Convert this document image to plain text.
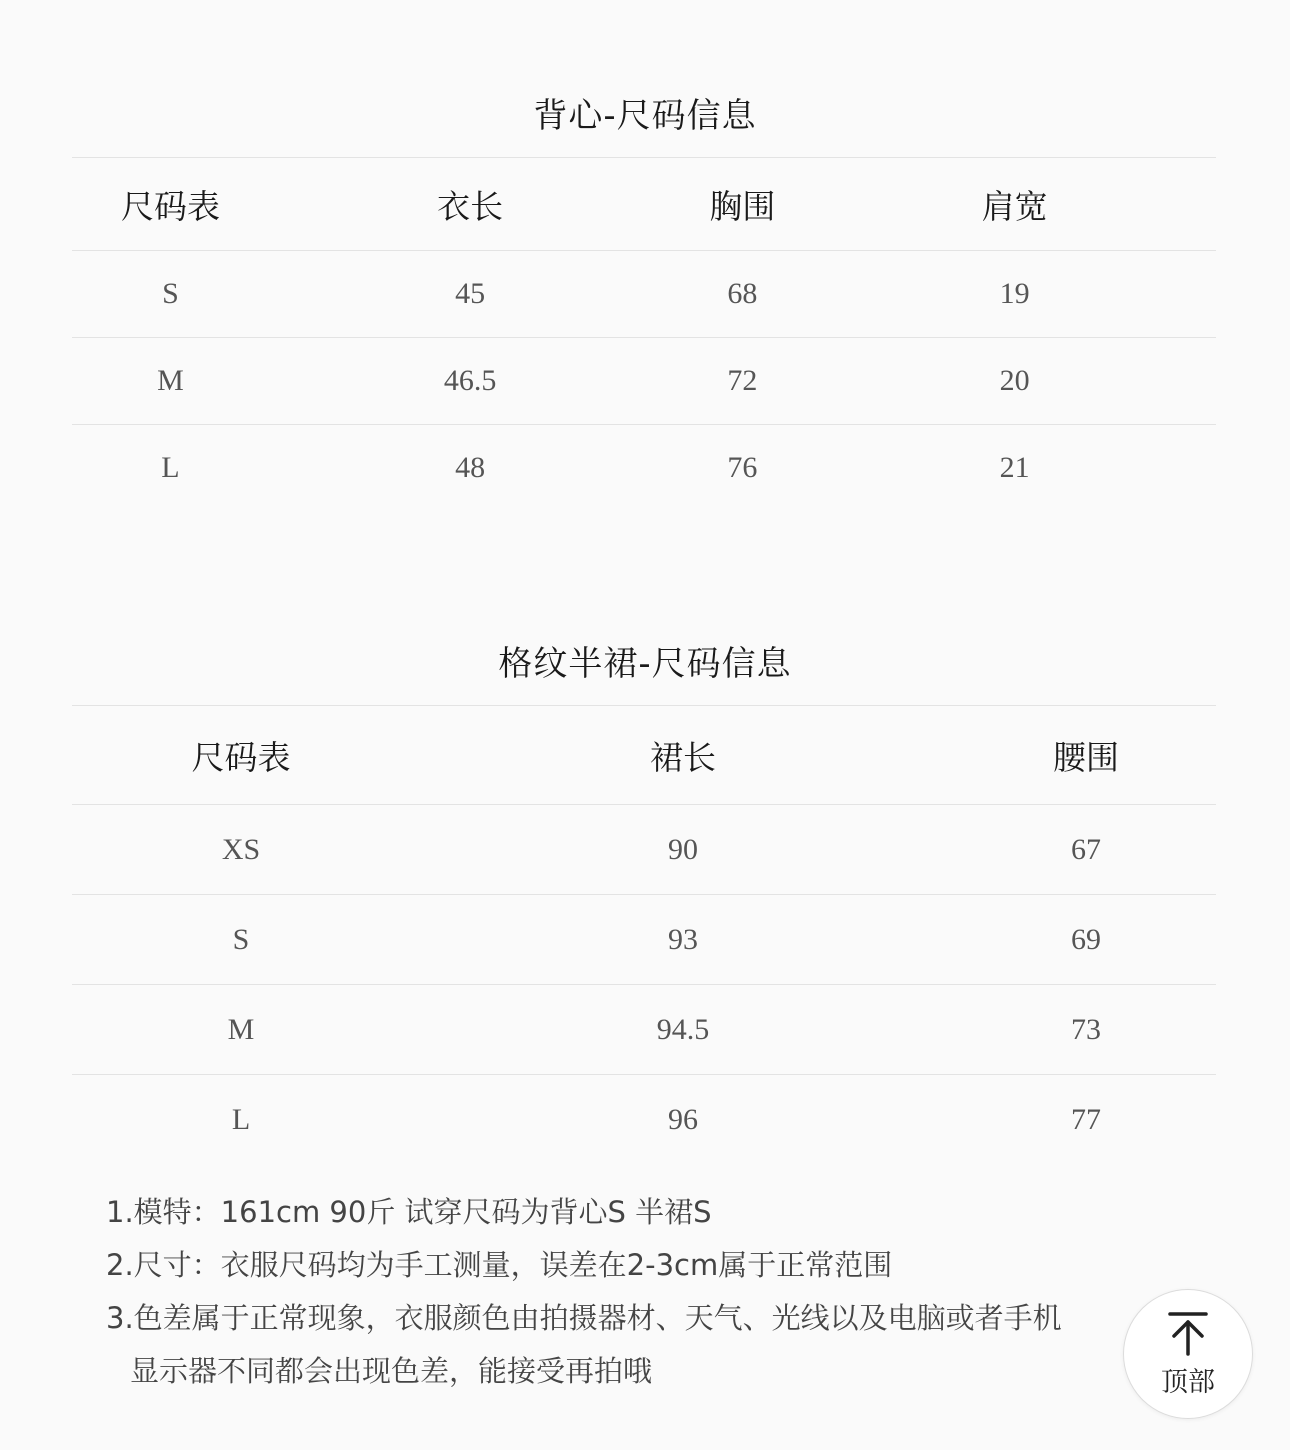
背心-尺码信息
尺码表	衣长	胸围	肩宽
S	45	68	19
M	46.5	72	20
L	48	76	21
格纹半裙-尺码信息
尺码表	裙长	腰围
XS	90	67
S	93	69
M	94.5	73
L	96	77
1.模特：161cm 90斤 试穿尺码为背心S 半裙S
2.尺寸：衣服尺码均为手工测量，误差在2-3cm属于正常范围
3.色差属于正常现象，衣服颜色由拍摄器材、天气、光线以及电脑或者手机
显示器不同都会出现色差，能接受再拍哦	顶部
